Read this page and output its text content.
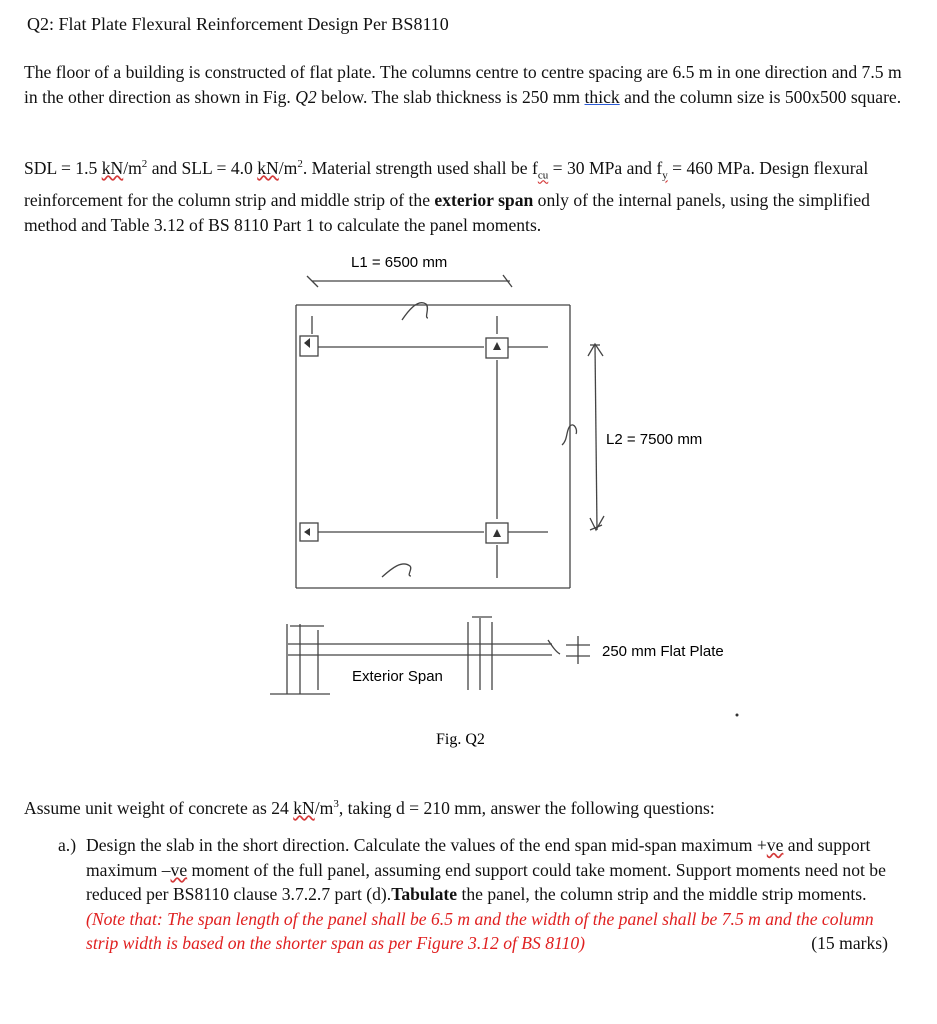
Q2: Flat Plate Flexural Reinforcement Design Per BS8110
The floor of a building is constructed of flat plate. The columns centre to centre spacing are 6.5 m in one direction and 7.5 m in the other direction as shown in Fig. Q2 below. The slab thickness is 250 mm thick and the column size is 500x500 square.
SDL = 1.5 $kN/m^2$ and SLL = 4.0 $kN/m^2$. Material strength used shall be $f_{cu} = 30$ MPa and $f_y = 460$ MPa. Design flexural reinforcement for the column strip and middle strip of the exterior span only of the internal panels, using the simplified method and Table 3.12 of BS 8110 Part 1 to calculate the panel moments.
L1 = 6500 mm
L2 = 7500 mm
250 mm Flat Plate
Exterior Span
Fig. Q2
Assume unit weight of concrete as 24 $kN/m^3$, taking d = 210 mm, answer the following questions:
a.) Design the slab in the short direction. Calculate the values of the end span mid-span maximum +ve and support maximum –ve moment of the full panel, assuming end support could take moment. Support moments need not be reduced per BS8110 clause 3.7.2.7 part (d).Tabulate the panel, the column strip and the middle strip moments. (Note that: The span length of the panel shall be 6.5 m and the width of the panel shall be 7.5 m and the column strip width is based on the shorter span as per Figure 3.12 of BS 8110)	(15 marks)
